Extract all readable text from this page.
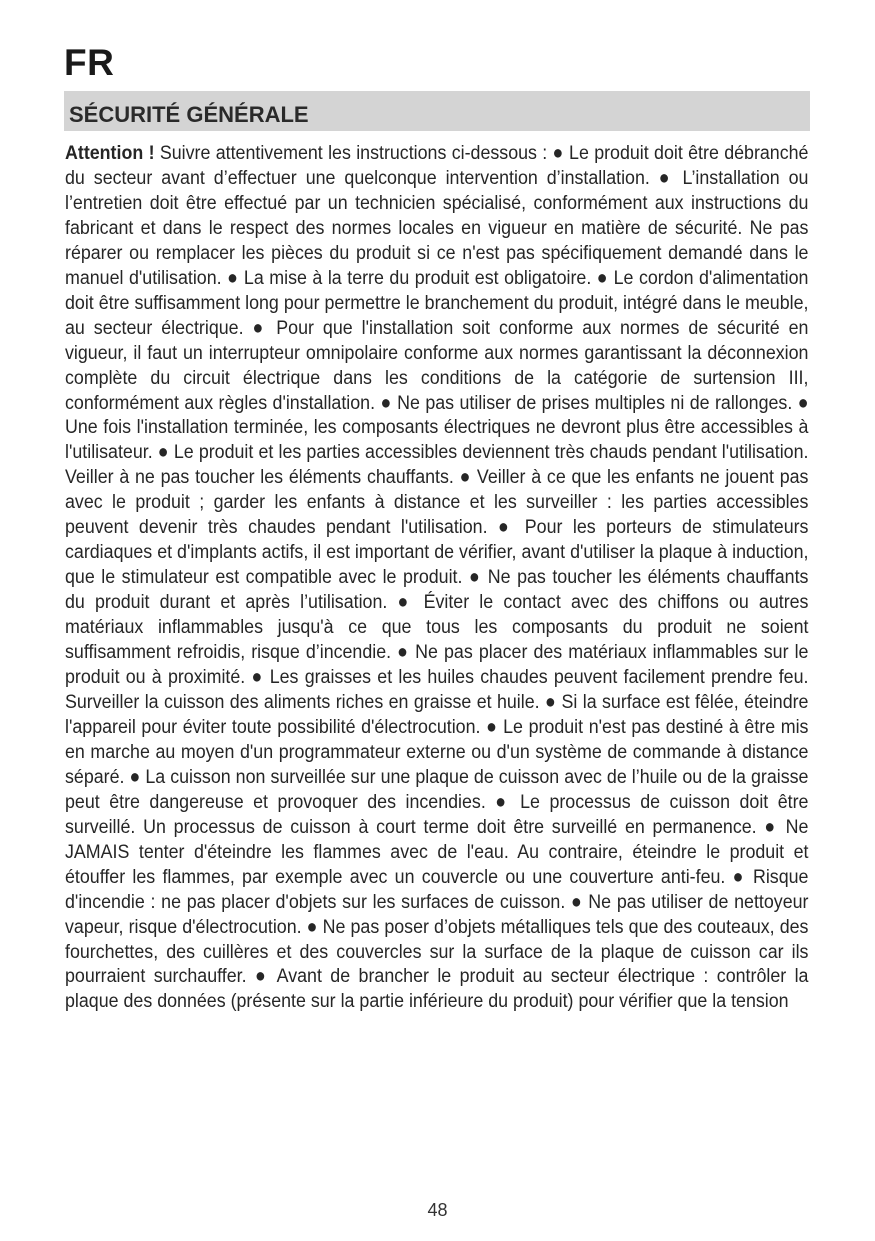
FR
SÉCURITÉ GÉNÉRALE

Attention ! Suivre attentivement les instructions ci-dessous : ● Le produit doit être débranché du secteur avant d’effectuer une quelconque intervention d’installation. ● L’installation ou l’entretien doit être effectué par un technicien spécialisé, conformément aux instructions du fabricant et dans le respect des normes locales en vigueur en matière de sécurité. Ne pas réparer ou remplacer les pièces du produit si ce n'est pas spécifiquement demandé dans le manuel d'utilisation. ● La mise à la terre du produit est obligatoire. ● Le cordon d'alimentation doit être suffisamment long pour permettre le branchement du produit, intégré dans le meuble, au secteur électrique. ● Pour que l'installation soit conforme aux normes de sécurité en vigueur, il faut un interrupteur omnipolaire conforme aux normes garantissant la déconnexion complète du circuit électrique dans les conditions de la catégorie de surtension III, conformément aux règles d'installation. ● Ne pas utiliser de prises multiples ni de rallonges. ● Une fois l'installation terminée, les composants électriques ne devront plus être accessibles à l'utilisateur. ● Le produit et les parties accessibles deviennent très chauds pendant l'utilisation. Veiller à ne pas toucher les éléments chauffants. ● Veiller à ce que les enfants ne jouent pas avec le produit ; garder les enfants à distance et les surveiller : les parties accessibles peuvent devenir très chaudes pendant l'utilisation. ● Pour les porteurs de stimulateurs cardiaques et d'implants actifs, il est important de vérifier, avant d'utiliser la plaque à induction, que le stimulateur est compatible avec le produit. ● Ne pas toucher les éléments chauffants du produit durant et après l’utilisation. ● Éviter le contact avec des chiffons ou autres matériaux inflammables jusqu'à ce que tous les composants du produit ne soient suffisamment refroidis, risque d’incendie. ● Ne pas placer des matériaux inflammables sur le produit ou à proximité. ● Les graisses et les huiles chaudes peuvent facilement prendre feu. Surveiller la cuisson des aliments riches en graisse et huile. ● Si la surface est fêlée, éteindre l'appareil pour éviter toute possibilité d'électrocution. ● Le produit n'est pas destiné à être mis en marche au moyen d'un programmateur externe ou d'un système de commande à distance séparé. ● La cuisson non surveillée sur une plaque de cuisson avec de l’huile ou de la graisse peut être dangereuse et provoquer des incendies. ● Le processus de cuisson doit être surveillé. Un processus de cuisson à court terme doit être surveillé en permanence. ● Ne JAMAIS tenter d'éteindre les flammes avec de l'eau. Au contraire, éteindre le produit et étouffer les flammes, par exemple avec un couvercle ou une couverture anti-feu. ● Risque d'incendie : ne pas placer d'objets sur les surfaces de cuisson. ● Ne pas utiliser de nettoyeur vapeur, risque d'électrocution. ● Ne pas poser d’objets métalliques tels que des couteaux, des fourchettes, des cuillères et des couvercles sur la surface de la plaque de cuisson car ils pourraient surchauffer. ● Avant de brancher le produit au secteur électrique : contrôler la plaque des données (présente sur la partie inférieure du produit) pour vérifier que la tension

48
